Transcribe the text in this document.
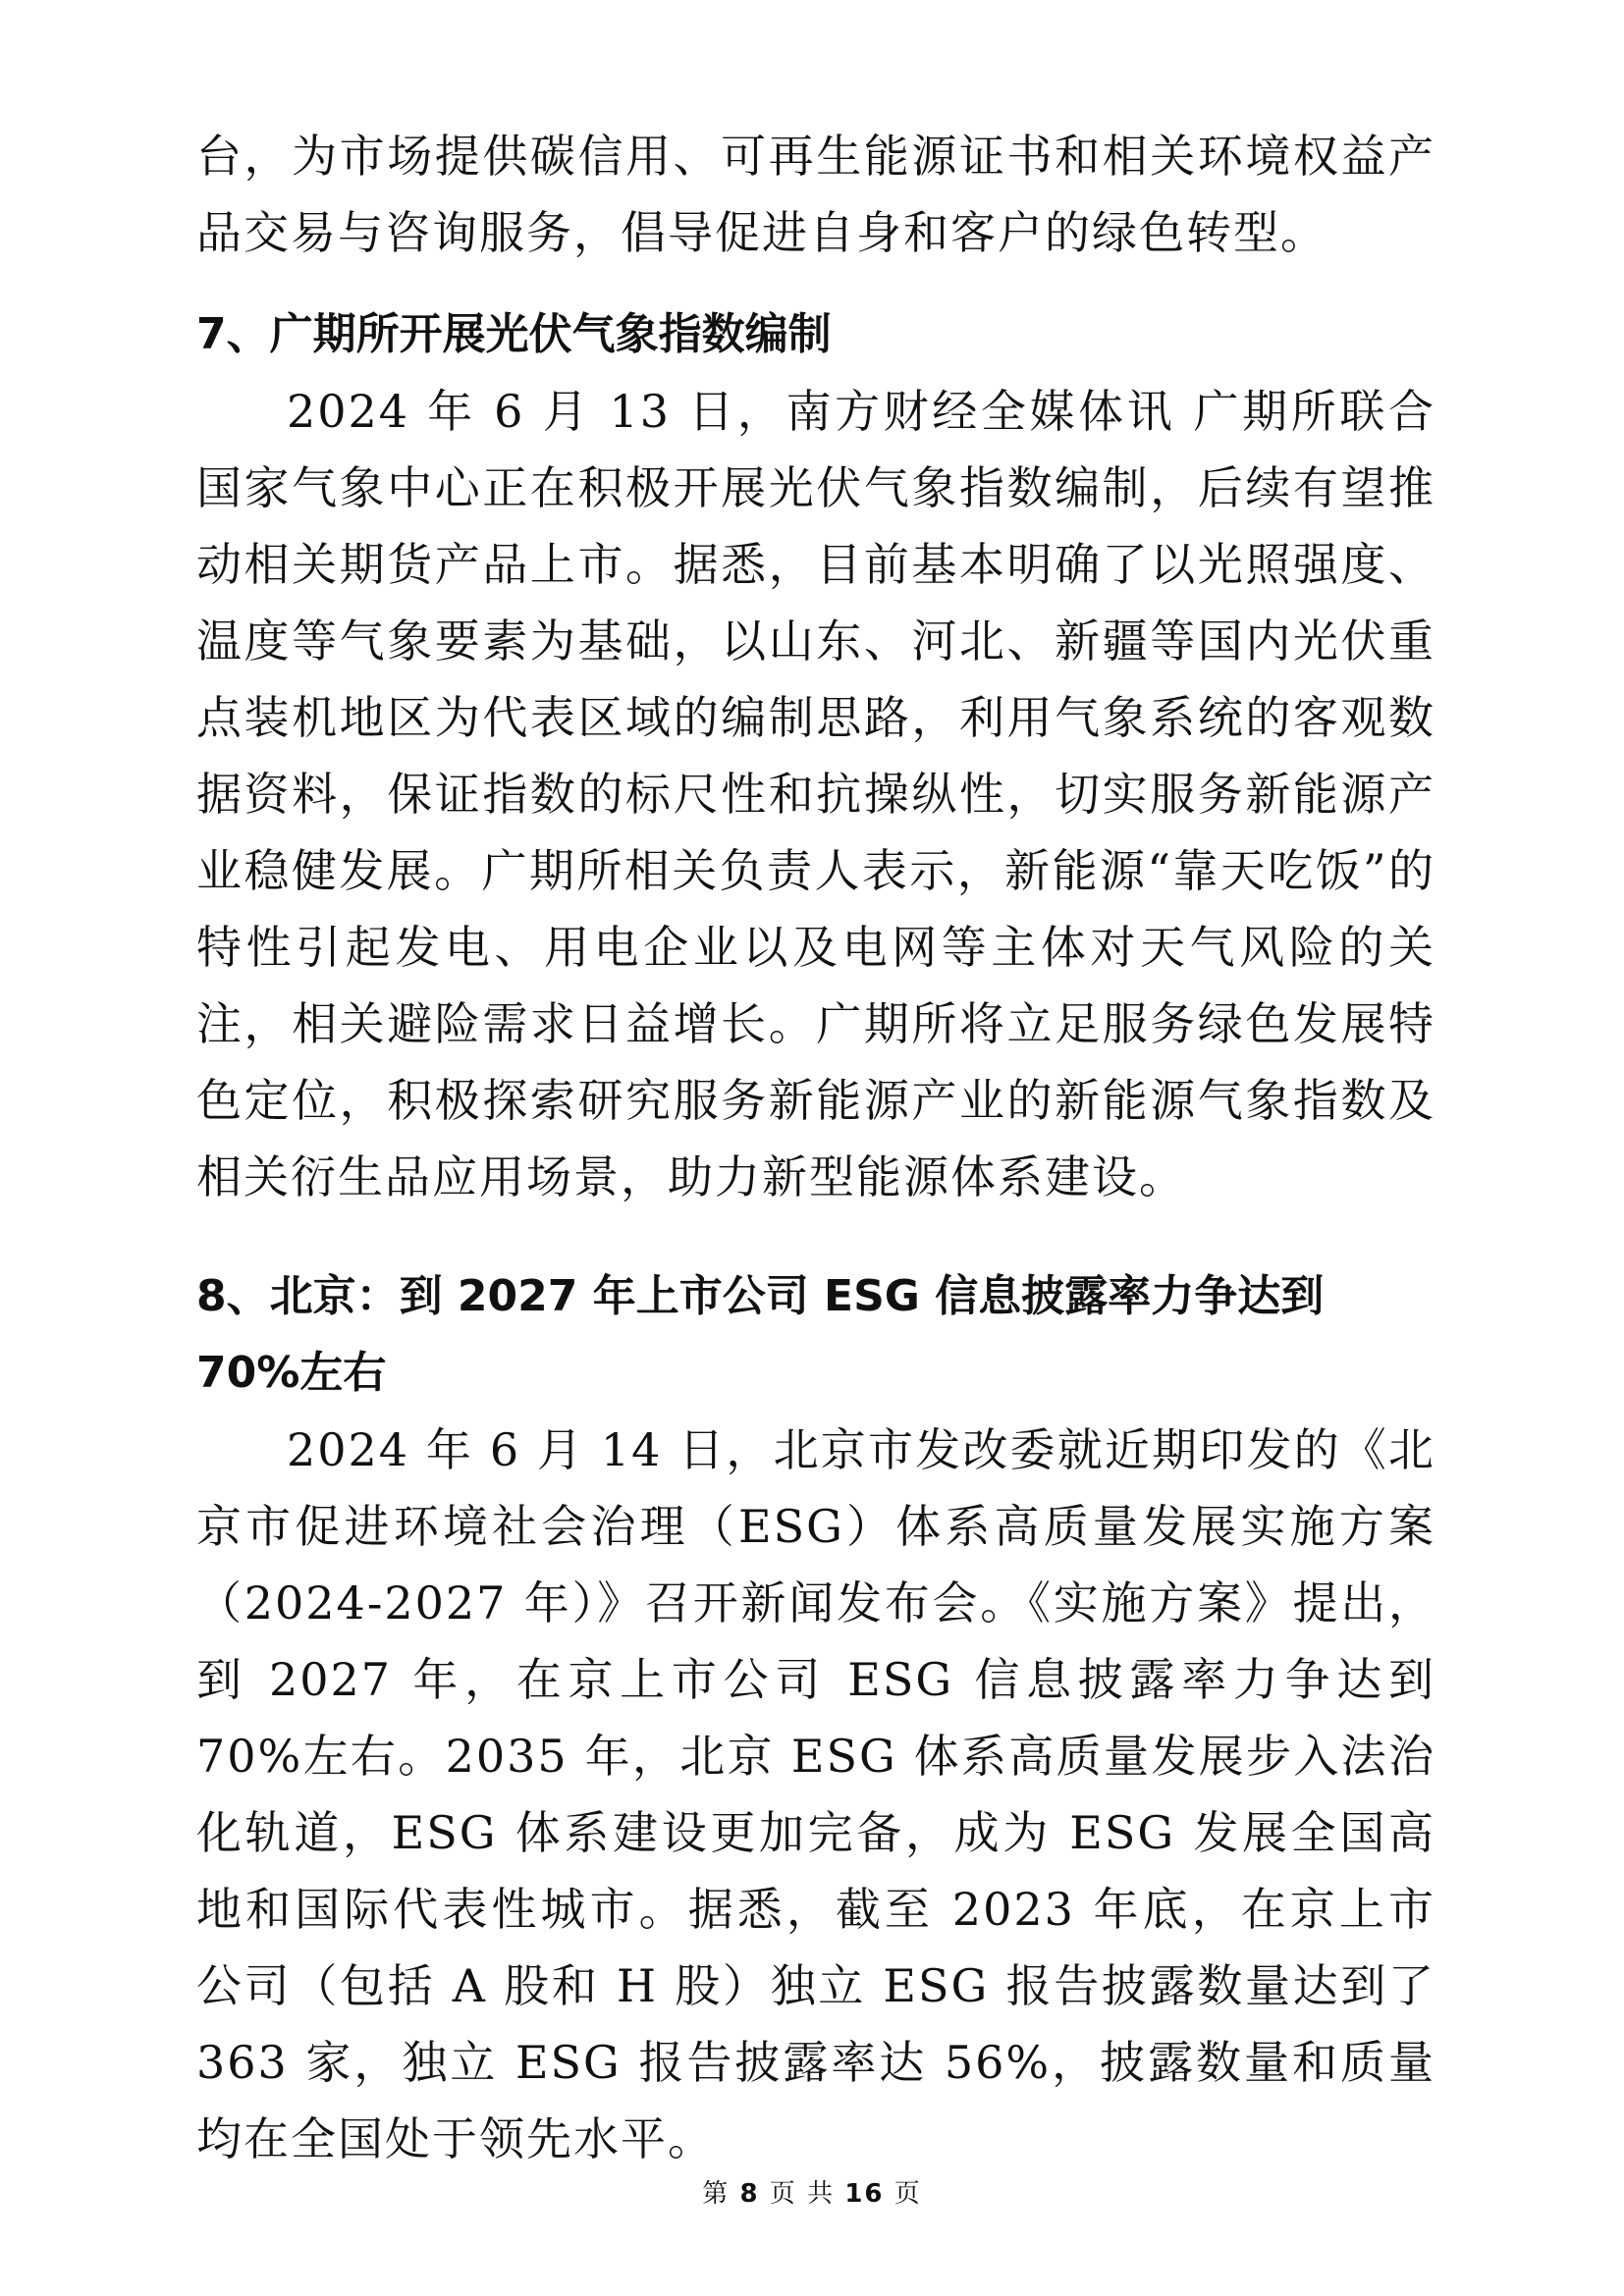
台，为市场提供碳信用、可再生能源证书和相关环境权益产品交易与咨询服务，倡导促进自身和客户的绿色转型。

7、广期所开展光伏气象指数编制

2024 年 6 月 13 日，南方财经全媒体讯 广期所联合国家气象中心正在积极开展光伏气象指数编制，后续有望推动相关期货产品上市。据悉，目前基本明确了以光照强度、温度等气象要素为基础，以山东、河北、新疆等国内光伏重点装机地区为代表区域的编制思路，利用气象系统的客观数据资料，保证指数的标尺性和抗操纵性，切实服务新能源产业稳健发展。广期所相关负责人表示，新能源“靠天吃饭”的特性引起发电、用电企业以及电网等主体对天气风险的关注，相关避险需求日益增长。广期所将立足服务绿色发展特色定位，积极探索研究服务新能源产业的新能源气象指数及相关衍生品应用场景，助力新型能源体系建设。

8、北京：到 2027 年上市公司 ESG 信息披露率力争达到 70%左右

2024 年 6 月 14 日，北京市发改委就近期印发的《北京市促进环境社会治理（ESG）体系高质量发展实施方案（2024-2027 年）》召开新闻发布会。《实施方案》提出，到 2027 年，在京上市公司 ESG 信息披露率力争达到 70%左右。2035 年，北京 ESG 体系高质量发展步入法治化轨道，ESG 体系建设更加完备，成为 ESG 发展全国高地和国际代表性城市。据悉，截至 2023 年底，在京上市公司（包括 A 股和 H 股）独立 ESG 报告披露数量达到了 363 家，独立 ESG 报告披露率达 56%，披露数量和质量均在全国处于领先水平。

第 8 页 共 16 页
